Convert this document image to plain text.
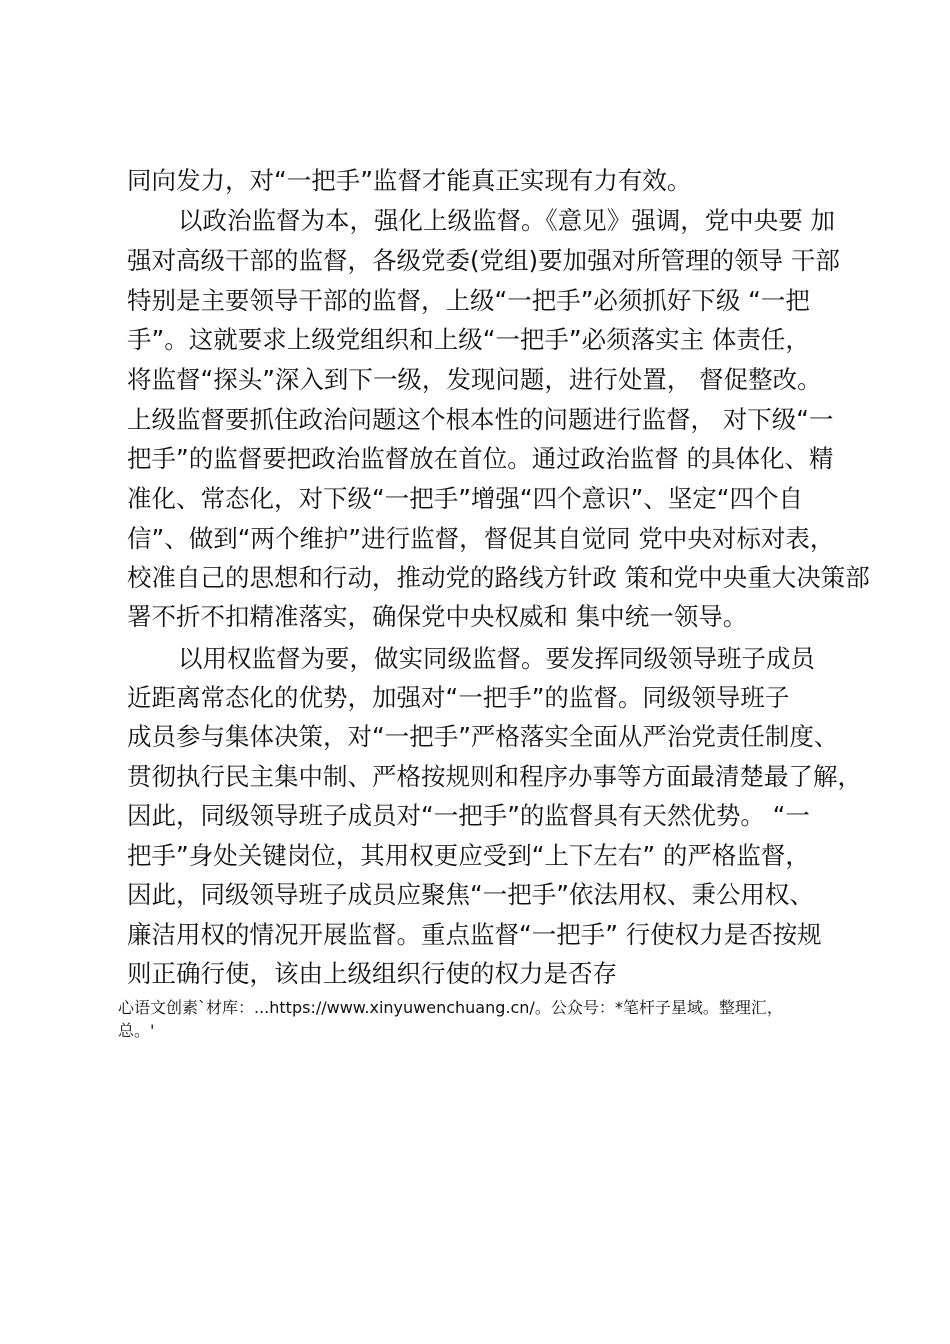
同向发力，对“一把手”监督才能真正实现有力有效。
以政治监督为本，强化上级监督。《意见》强调，党中央要 加
强对高级干部的监督，各级党委(党组)要加强对所管理的领导 干部
特别是主要领导干部的监督，上级“一把手”必须抓好下级 “一把
手”。这就要求上级党组织和上级“一把手”必须落实主 体责任，
将监督“探头”深入到下一级，发现问题，进行处置， 督促整改。
上级监督要抓住政治问题这个根本性的问题进行监督， 对下级“一
把手”的监督要把政治监督放在首位。通过政治监督 的具体化、精
准化、常态化，对下级“一把手”增强“四个意识”、坚定“四个自
信”、做到“两个维护”进行监督，督促其自觉同 党中央对标对表，
校准自己的思想和行动，推动党的路线方针政 策和党中央重大决策部
署不折不扣精准落实，确保党中央权威和 集中统一领导。
以用权监督为要，做实同级监督。要发挥同级领导班子成员
近距离常态化的优势，加强对“一把手”的监督。同级领导班子
成员参与集体决策，对“一把手”严格落实全面从严治党责任制度、
贯彻执行民主集中制、严格按规则和程序办事等方面最清楚最了解，
因此，同级领导班子成员对“一把手”的监督具有天然优势。 “一
把手”身处关键岗位，其用权更应受到“上下左右” 的严格监督，
因此，同级领导班子成员应聚焦“一把手”依法用权、秉公用权、
廉洁用权的情况开展监督。重点监督“一把手” 行使权力是否按规
则正确行使，该由上级组织行使的权力是否存
心语文创素`材库：...https://www.xinyuwenchuang.cn/。公众号：*笔杆子星域。整理汇，
总。'
